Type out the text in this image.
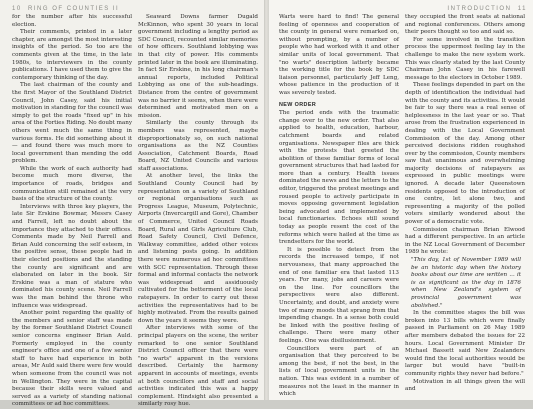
10 RING OF COUNTIES II

for the number after his successful election.

Their comments, printed in a later chapter, are amongst the most interesting insights of the period. So too are the comments given at the time, in the late 1980s, to interviewers in the county publications. I have used them to give the contemporary thinking of the day.

The last chairman of the county and the first Mayor of the Southland District Council, John Casey, said his initial motivation in standing for the council was simply to get the roads "fixed up" in his area of the Forties Riding. No doubt many others went much the same thing in various forms. He did something about it — and found there was much more to local government than mending the odd problem.

While the work of each authority had become much more diverse, the importance of roads, bridges and communication still remained at the very basis of the structure of the county.

Interviews with three key players, the late Sir Erskine Bowmar, Messrs Casey and Farrell, left no doubt about the importance they attached to their offices. Comments made by Neil Farrell and Brian Auld concerning the self esteem, in the positive sense, these people had in their elected positions and the standing the county are significant and are elaborated on later in the book. Sir Erskine was a man of stature who dominated his county scene. Neil Farrell was the man behind the throne who influence was widespread.

Another point regarding the quality of the members and senior staff was made by the former Southland District Council senior concerns engineer Brian Auld. Formerly employed in the county engineer's office and one of a few senior staff to have had experience in both areas, Mr Auld said there were few would when someone from the council was not in Wellington. They were in the capital because their skills were valued and served as a variety of standing national committees or ad hoc committees.

Seaward Downs farmer Dugald McKinnon, who spent 30 years in local government including a lengthy period as SDC Council, recounted similar memories of how officers. Southland lobbying was in that city of power. His comments printed later in the book are illuminating. In fact Sir Erskine, in his long chairman's annual reports, included Political Lobbying as one of the sub-headings. Distance from the centre of government was no barrier it seems, when there were determined and motivated men on a mission.

Similarly the county through its members was represented, maybe disproportionately so, on such national organisations as the NZ Counties Association, Catchment Boards, Road Board, NZ United Councils and various staff associations.

At another level, the links the Southland County Council had by representation on a variety of Southland or regional organisations such as Progress League, Museum, Polytechnic, Airports (Invercargill and Gore), Chamber of Commerce, United Council Roads Board, Rural and Girls Agriculture Club, Road Safety Council, Civil Defence, Walkway committee, added other voices and listening posts going. In addition there were numerous ad hoc committees with SCC representation. Through these formal and informal contacts the network was widespread and assiduously cultivated for the betterment of the local ratepayers. In order to carry out these activities the representatives had to be highly motivated. From the results gained down the years it seems they were.

After interviews with some of the principal players on the scene, the writer remarked to one senior Southland District Council officer that there were "no warts" apparent in the versions described. Certainly the harmony apparent in accounts of meetings, events at both councillors and staff and social activities indicated this was a happy complement. Hindsight also presented a similarly rosy hue.

INTRODUCTION 11

Warts were hard to find! The general feeling of openness and cooperation of the county in general were remarked on, without prompting, by a number of people who had worked with it and other similar units of local government. That "no warts" description latterly became the working title for the book by SDC liaison personnel, particularly Jeff Leng, whose patience in the production of it was severely tested.

NEW ORDER

The period ends with the traumatic change over to the new order. That also applied to health, education, harbour, catchment boards and related organisations. Newspaper files are thick with the protests that greeted the abolition of these familiar forms of local government structures that had lasted for more than a century. Health issues dominated the news and the letters to the editor, triggered the protest meetings and roused people to actively participate in moves opposing government legislation being advocated and implemented by local functionaries. Echoes still sound today as people resent the cost of the reforms which were hailed at the time as trendsetters for the world.

It is possible to detect from the records the increased tempo, if not nervousness, that many approached the end of one familiar era that lasted 113 years. For many, jobs and careers were on the line. For councillors the perspectives were also different. Uncertainty, and doubt, and anxiety were two of many moods that sprang from that impending change. In a sense both could be linked with the positive feeling of challenge. There were many other feelings. One was disillusionment.

Councillors were part of an organisation that they perceived to be among the best, if not the best, in the lists of local government units in the nation. This was evident in a number of measures not the least in the manner in which

they occupied the front seats at national and regional conferences. Others among their peers thought so too and said so.

For some involved in the transition process the uppermost feeling lay in the challenge to make the new system work. This was clearly stated by the last County Chairman John Casey in his farewell message to the electors in October 1989.

These feelings depended in part on the depth of identification the individual had with the county and its activities. It would be fair to say there was a real sense of helplessness in the last year or so. That arose from the frustration experienced in dealing with the Local Government Commission of the day. Among other perceived decisions ridden roughshod over by the commission, County members saw that unanimous and overwhelming majority decisions of ratepayers as expressed in public meetings were ignored. A decade later Queenstown residents opposed to the introduction of one centre, let alone two, and representing a majority of the polled voters similarly wondered about the power of a democratic vote.

Commission chairman Brian Elwood had a different perspective. In an article in the NZ Local Government of December 1989 he wrote:

"This day, 1st of November 1989 will be an historic day when the history books about our time are written ... it is as significant as the day in 1876 when New Zealand's system of provincial government was abolished."

In the committee stages the bill was broken into 13 bills which were finally passed in Parliament on 26 May 1989 after members debated the issues for 22 hours. Local Government Minister Dr Michael Bassett said New Zealanders would find the local authorities would be larger but would have "built-in community rights they never had before."

Motivation in all things given the will and
